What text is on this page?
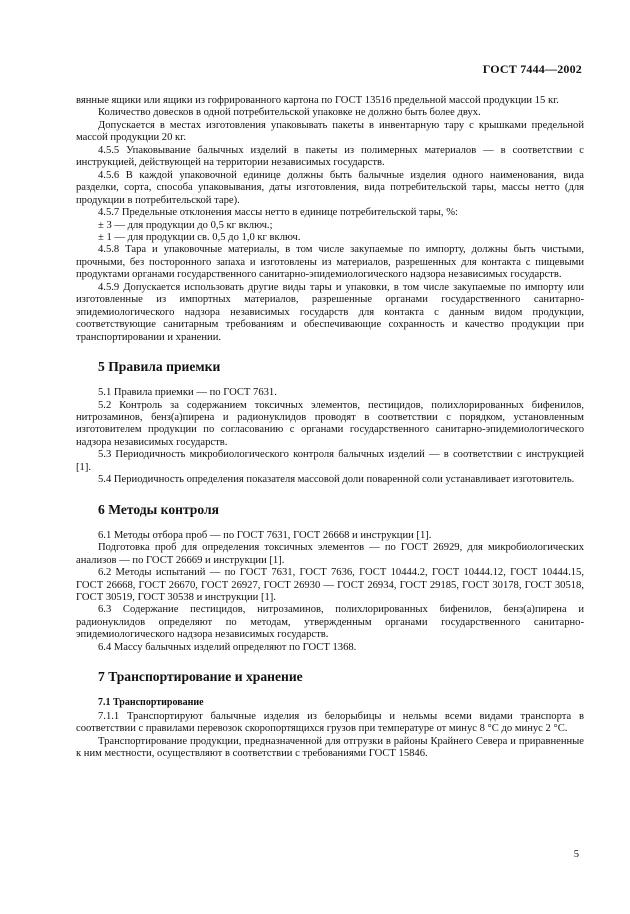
ГОСТ 7444—2002

вянные ящики или ящики из гофрированного картона по ГОСТ 13516 предельной массой продукции 15 кг.

Количество довесков в одной потребительской упаковке не должно быть более двух.

Допускается в местах изготовления упаковывать пакеты в инвентарную тару с крышками предельной массой продукции 20 кг.

4.5.5 Упаковывание балычных изделий в пакеты из полимерных материалов — в соответствии с инструкцией, действующей на территории независимых государств.

4.5.6 В каждой упаковочной единице должны быть балычные изделия одного наименования, вида разделки, сорта, способа упаковывания, даты изготовления, вида потребительской тары, массы нетто (для продукции в потребительской таре).

4.5.7 Предельные отклонения массы нетто в единице потребительской тары, %:

± 3 — для продукции до 0,5 кг включ.;

± 1 — для продукции св. 0,5 до 1,0 кг включ.

4.5.8 Тара и упаковочные материалы, в том числе закупаемые по импорту, должны быть чистыми, прочными, без посторонного запаха и изготовлены из материалов, разрешенных для контакта с пищевыми продуктами органами государственного санитарно-эпидемиологического надзора независимых государств.

4.5.9 Допускается использовать другие виды тары и упаковки, в том числе закупаемые по импорту или изготовленные из импортных материалов, разрешенные органами государственного санитарно-эпидемиологического надзора независимых государств для контакта с данным видом продукции, соответствующие санитарным требованиям и обеспечивающие сохранность и качество продукции при транспортировании и хранении.

5 Правила приемки

5.1 Правила приемки — по ГОСТ 7631.

5.2 Контроль за содержанием токсичных элементов, пестицидов, полихлорированных бифенилов, нитрозаминов, бенз(а)пирена и радионуклидов проводят в соответствии с порядком, установленным изготовителем продукции по согласованию с органами государственного санитарно-эпидемиологического надзора независимых государств.

5.3 Периодичность микробиологического контроля балычных изделий — в соответствии с инструкцией [1].

5.4 Периодичность определения показателя массовой доли поваренной соли устанавливает изготовитель.

6 Методы контроля

6.1 Методы отбора проб — по ГОСТ 7631, ГОСТ 26668 и инструкции [1].

Подготовка проб для определения токсичных элементов — по ГОСТ 26929, для микробиологических анализов — по ГОСТ 26669 и инструкции [1].

6.2 Методы испытаний — по ГОСТ 7631, ГОСТ 7636, ГОСТ 10444.2, ГОСТ 10444.12, ГОСТ 10444.15, ГОСТ 26668, ГОСТ 26670, ГОСТ 26927, ГОСТ 26930 — ГОСТ 26934, ГОСТ 29185, ГОСТ 30178, ГОСТ 30518, ГОСТ 30519, ГОСТ 30538 и инструкции [1].

6.3 Содержание пестицидов, нитрозаминов, полихлорированных бифенилов, бенз(а)пирена и радионуклидов определяют по методам, утвержденным органами государственного санитарно-эпидемиологического надзора независимых государств.

6.4 Массу балычных изделий определяют по ГОСТ 1368.

7 Транспортирование и хранение
7.1 Транспортирование

7.1.1 Транспортируют балычные изделия из белорыбицы и нельмы всеми видами транспорта в соответствии с правилами перевозок скоропортящихся грузов при температуре от минус 8 °С до минус 2 °С.

Транспортирование продукции, предназначенной для отгрузки в районы Крайнего Севера и приравненные к ним местности, осуществляют в соответствии с требованиями ГОСТ 15846.

5
